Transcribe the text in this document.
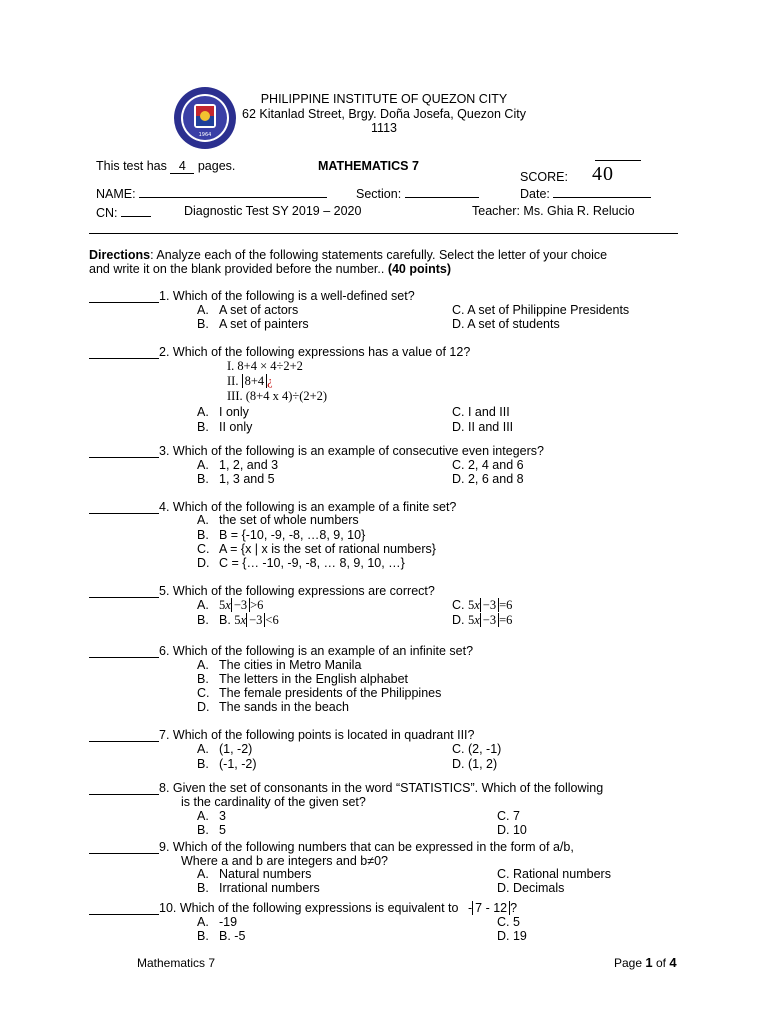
1964
PHILIPPINE INSTITUTE OF QUEZON CITY
62 Kitanlad Street, Brgy. Doña Josefa, Quezon City
1113
This test has 4 pages.	MATHEMATICS 7
SCORE: 40
NAME:	Section:	Date:
CN:	Diagnostic Test SY 2019 – 2020	Teacher: Ms. Ghia R. Relucio
Directions: Analyze each of the following statements carefully. Select the letter of your choice
and write it on the blank provided before the number.. (40 points)
1. Which of the following is a well-defined set?
A. A set of actors
B. A set of painters
C. A set of Philippine Presidents
D. A set of students
2. Which of the following expressions has a value of 12?
I. 8+4 × 4÷2+2
II. 8+4 ¿
III. (8+4 x 4)÷(2+2)
A. I only
B. II only
C. I and III
D. II and III
3. Which of the following is an example of consecutive even integers?
A. 1, 2, and 3
B. 1, 3 and 5
C. 2, 4 and 6
D. 2, 6 and 8
4. Which of the following is an example of a finite set?
A. the set of whole numbers
B. B = {-10, -9, -8, …8, 9, 10}
C. A = {x | x is the set of rational numbers}
D. C = {… -10, -9, -8, … 8, 9, 10, …}
5. Which of the following expressions are correct?
A. 5x −3 >6
B. B. 5x −3 <6
C. 5x −3 =6
D. 5x −3 =6
6. Which of the following is an example of an infinite set?
A. The cities in Metro Manila
B. The letters in the English alphabet
C. The female presidents of the Philippines
D. The sands in the beach
7. Which of the following points is located in quadrant III?
A. (1, -2)
B. (-1, -2)
C. (2, -1)
D. (1, 2)
8. Given the set of consonants in the word “STATISTICS”. Which of the following
is the cardinality of the given set?
A. 3
B. 5
C. 7
D. 10
9. Which of the following numbers that can be expressed in the form of a/b,
Where a and b are integers and b≠0?
A. Natural numbers
B. Irrational numbers
C. Rational numbers
D. Decimals
10. Which of the following expressions is equivalent to - 7 - 12 ?
A. -19
B. B. -5
C. 5
D. 19
Mathematics 7	Page 1 of 4
